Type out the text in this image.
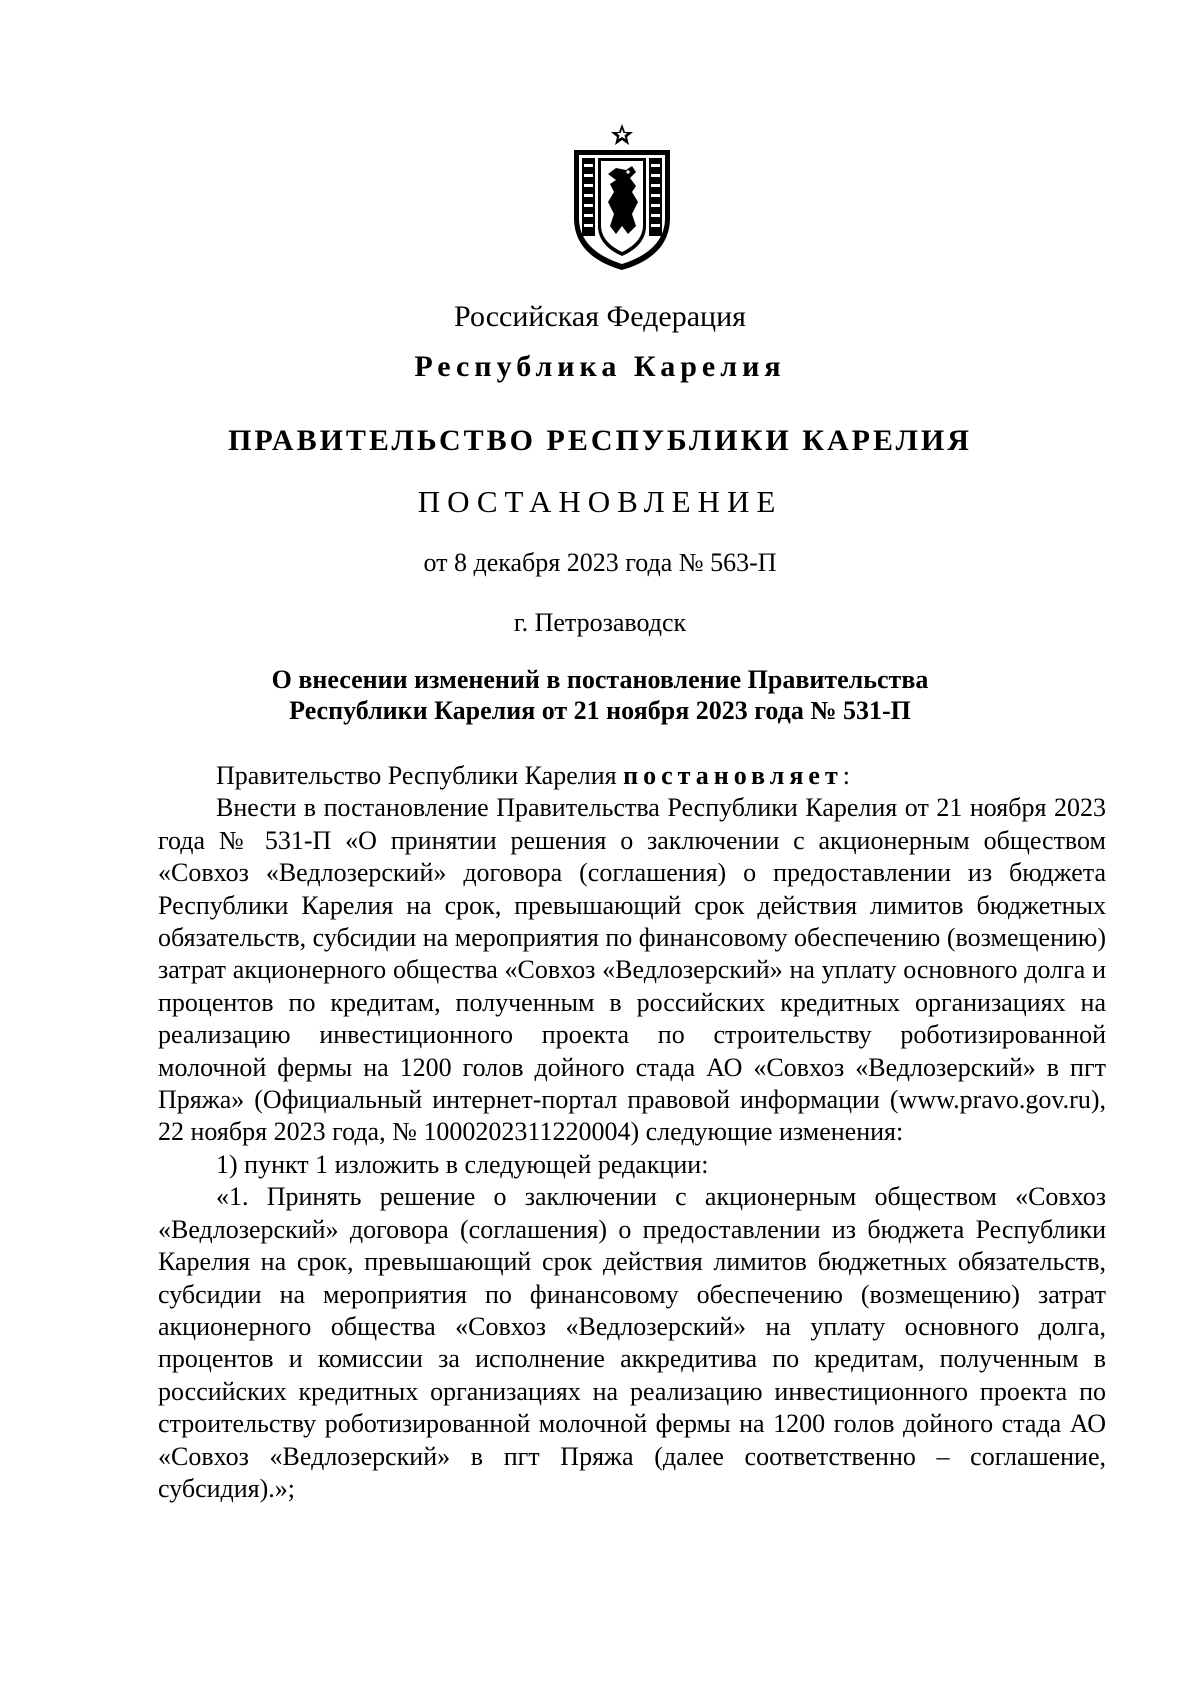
Российская Федерация
Республика Карелия
ПРАВИТЕЛЬСТВО РЕСПУБЛИКИ КАРЕЛИЯ
ПОСТАНОВЛЕНИЕ
от 8 декабря 2023 года № 563-П
г. Петрозаводск
О внесении изменений в постановление Правительства
Республики Карелия от 21 ноября 2023 года № 531-П

Правительство Республики Карелия постановляет:

Внести в постановление Правительства Республики Карелия от 21 ноября 2023 года № 531-П «О принятии решения о заключении с акционерным обществом «Совхоз «Ведлозерский» договора (соглашения) о предоставлении из бюджета Республики Карелия на срок, превышающий срок действия лимитов бюджетных обязательств, субсидии на мероприятия по финансовому обеспечению (возмещению) затрат акционерного общества «Совхоз «Ведлозерский» на уплату основного долга и процентов по кредитам, полученным в российских кредитных организациях на реализацию инвестиционного проекта по строительству роботизированной молочной фермы на 1200 голов дойного стада АО «Совхоз «Ведлозерский» в пгт Пряжа» (Официальный интернет-портал правовой информации (www.pravo.gov.ru), 22 ноября 2023 года, № 1000202311220004) следующие изменения:

1) пункт 1 изложить в следующей редакции:

«1. Принять решение о заключении с акционерным обществом «Совхоз «Ведлозерский» договора (соглашения) о предоставлении из бюджета Республики Карелия на срок, превышающий срок действия лимитов бюджетных обязательств, субсидии на мероприятия по финансовому обеспечению (возмещению) затрат акционерного общества «Совхоз «Ведлозерский» на уплату основного долга, процентов и комиссии за исполнение аккредитива по кредитам, полученным в российских кредитных организациях на реализацию инвестиционного проекта по строительству роботизированной молочной фермы на 1200 голов дойного стада АО «Совхоз «Ведлозерский» в пгт Пряжа (далее соответственно – соглашение, субсидия).»;
